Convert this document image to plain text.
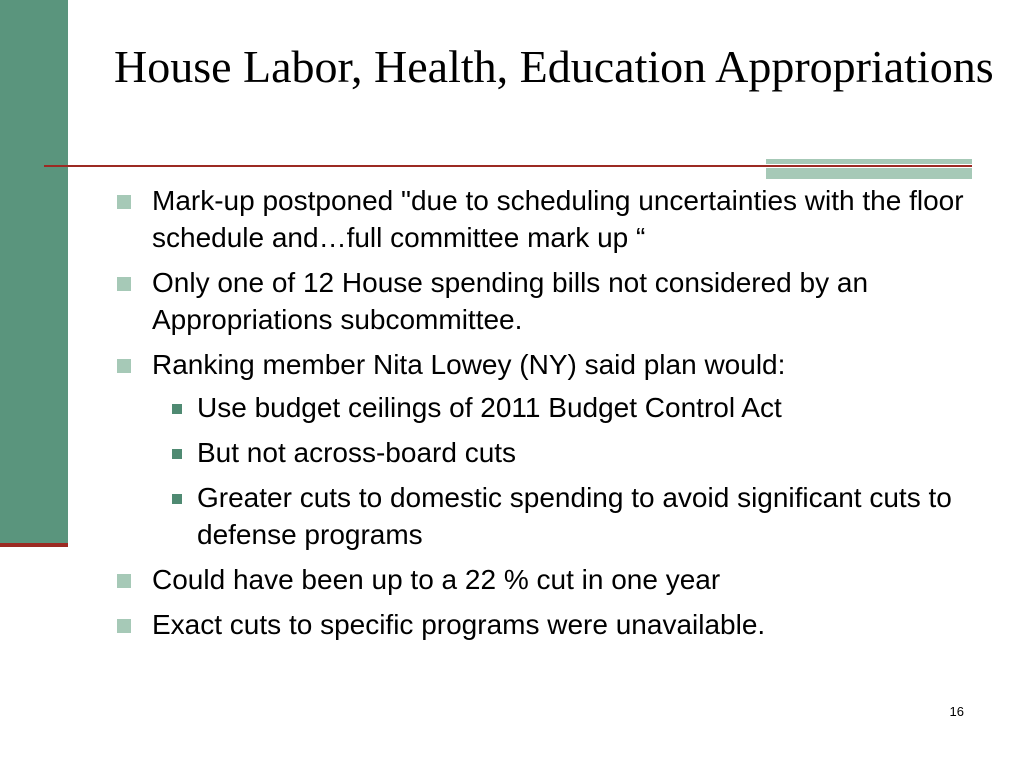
House Labor, Health, Education Appropriations
Mark-up postponed "due to scheduling uncertainties with the floor schedule and…full committee mark up “
Only one of 12 House spending bills not considered by an Appropriations subcommittee.
Ranking member Nita Lowey (NY) said plan would:
Use budget ceilings of 2011 Budget Control Act
But not across-board cuts
Greater cuts to domestic spending to avoid significant cuts to defense programs
Could have been up to a 22 % cut in one year
Exact cuts to specific programs were unavailable.
16
